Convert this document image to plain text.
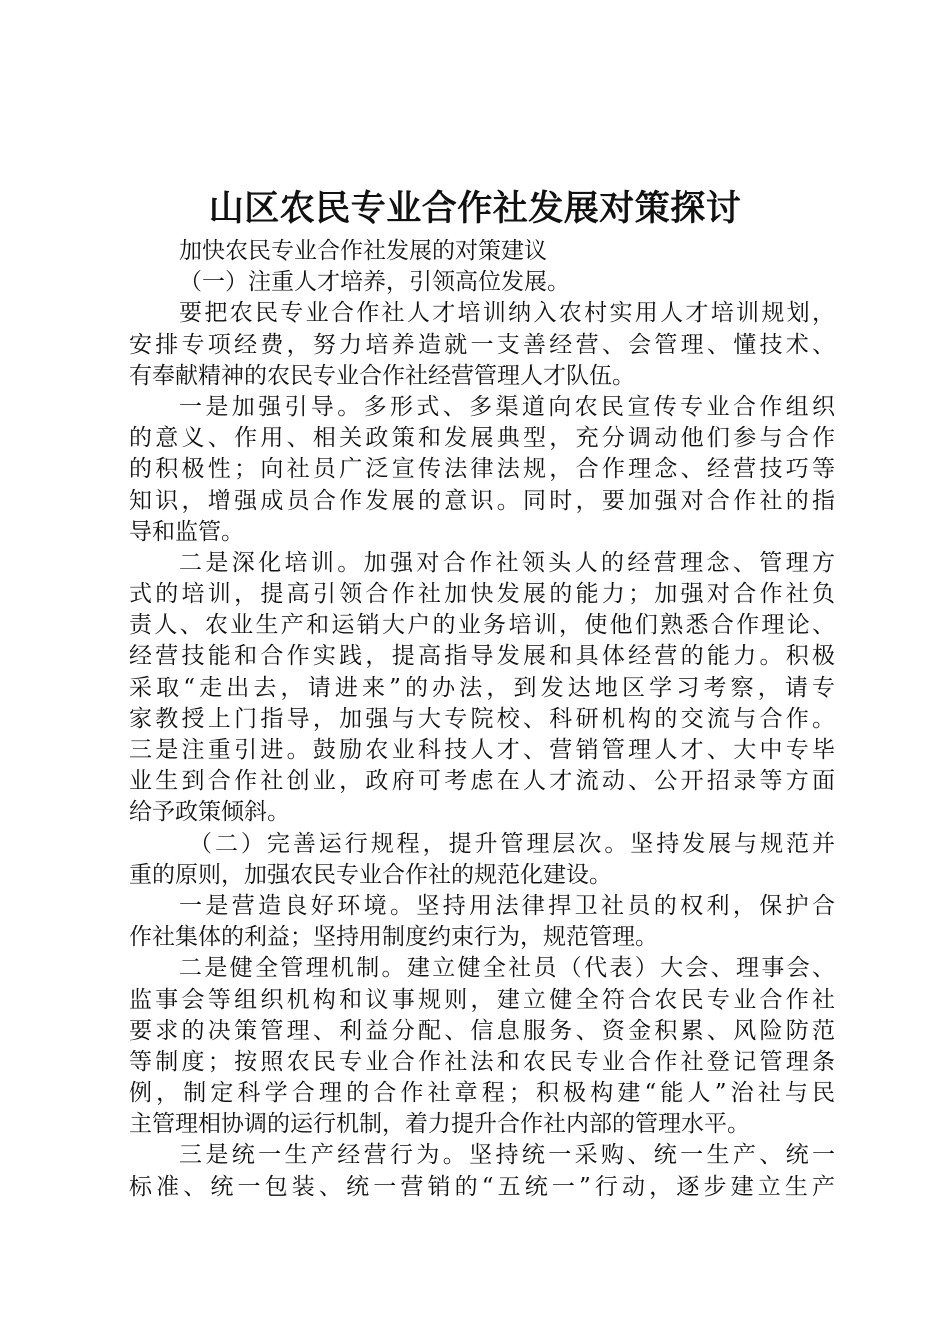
山区农民专业合作社发展对策探讨
加快农民专业合作社发展的对策建议
（一）注重人才培养，引领高位发展。
要把农民专业合作社人才培训纳入农村实用人才培训规划，
安排专项经费，努力培养造就一支善经营、会管理、懂技术、
有奉献精神的农民专业合作社经营管理人才队伍。
一是加强引导。多形式、多渠道向农民宣传专业合作组织
的意义、作用、相关政策和发展典型，充分调动他们参与合作
的积极性；向社员广泛宣传法律法规，合作理念、经营技巧等
知识，增强成员合作发展的意识。同时，要加强对合作社的指
导和监管。
二是深化培训。加强对合作社领头人的经营理念、管理方
式的培训，提高引领合作社加快发展的能力；加强对合作社负
责人、农业生产和运销大户的业务培训，使他们熟悉合作理论、
经营技能和合作实践，提高指导发展和具体经营的能力。积极
采取“走出去，请进来”的办法，到发达地区学习考察，请专
家教授上门指导，加强与大专院校、科研机构的交流与合作。
三是注重引进。鼓励农业科技人才、营销管理人才、大中专毕
业生到合作社创业，政府可考虑在人才流动、公开招录等方面
给予政策倾斜。
（二）完善运行规程，提升管理层次。坚持发展与规范并
重的原则，加强农民专业合作社的规范化建设。
一是营造良好环境。坚持用法律捍卫社员的权利，保护合
作社集体的利益；坚持用制度约束行为，规范管理。
二是健全管理机制。建立健全社员（代表）大会、理事会、
监事会等组织机构和议事规则，建立健全符合农民专业合作社
要求的决策管理、利益分配、信息服务、资金积累、风险防范
等制度；按照农民专业合作社法和农民专业合作社登记管理条
例，制定科学合理的合作社章程；积极构建“能人”治社与民
主管理相协调的运行机制，着力提升合作社内部的管理水平。
三是统一生产经营行为。坚持统一采购、统一生产、统一
标准、统一包装、统一营销的“五统一”行动，逐步建立生产
